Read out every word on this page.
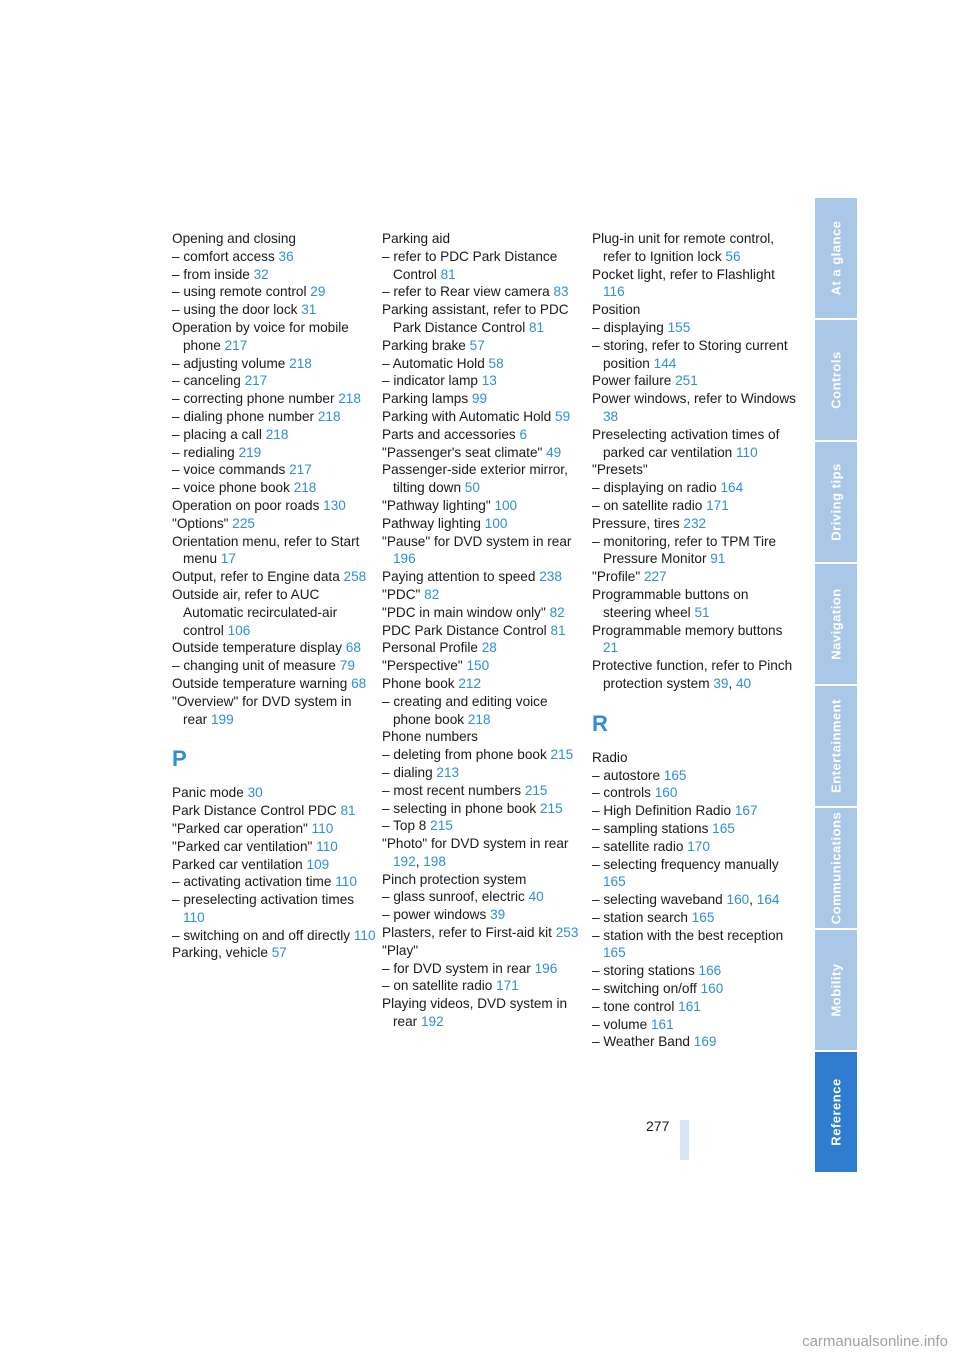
Opening and closing
– comfort access 36
– from inside 32
– using remote control 29
– using the door lock 31
Operation by voice for mobile phone 217
– adjusting volume 218
– canceling 217
– correcting phone number 218
– dialing phone number 218
– placing a call 218
– redialing 219
– voice commands 217
– voice phone book 218
Operation on poor roads 130
"Options" 225
Orientation menu, refer to Start menu 17
Output, refer to Engine data 258
Outside air, refer to AUC Automatic recirculated-air control 106
Outside temperature display 68
– changing unit of measure 79
Outside temperature warning 68
"Overview" for DVD system in rear 199
P
Panic mode 30
Park Distance Control PDC 81
"Parked car operation" 110
"Parked car ventilation" 110
Parked car ventilation 109
– activating activation time 110
– preselecting activation times 110
– switching on and off directly 110
Parking, vehicle 57
Parking aid
– refer to PDC Park Distance Control 81
– refer to Rear view camera 83
Parking assistant, refer to PDC Park Distance Control 81
Parking brake 57
– Automatic Hold 58
– indicator lamp 13
Parking lamps 99
Parking with Automatic Hold 59
Parts and accessories 6
"Passenger's seat climate" 49
Passenger-side exterior mirror, tilting down 50
"Pathway lighting" 100
Pathway lighting 100
"Pause" for DVD system in rear 196
Paying attention to speed 238
"PDC" 82
"PDC in main window only" 82
PDC Park Distance Control 81
Personal Profile 28
"Perspective" 150
Phone book 212
– creating and editing voice phone book 218
Phone numbers
– deleting from phone book 215
– dialing 213
– most recent numbers 215
– selecting in phone book 215
– Top 8 215
"Photo" for DVD system in rear 192, 198
Pinch protection system
– glass sunroof, electric 40
– power windows 39
Plasters, refer to First-aid kit 253
"Play"
– for DVD system in rear 196
– on satellite radio 171
Playing videos, DVD system in rear 192
Plug-in unit for remote control, refer to Ignition lock 56
Pocket light, refer to Flashlight 116
Position
– displaying 155
– storing, refer to Storing current position 144
Power failure 251
Power windows, refer to Windows 38
Preselecting activation times of parked car ventilation 110
"Presets"
– displaying on radio 164
– on satellite radio 171
Pressure, tires 232
– monitoring, refer to TPM Tire Pressure Monitor 91
"Profile" 227
Programmable buttons on steering wheel 51
Programmable memory buttons 21
Protective function, refer to Pinch protection system 39, 40
R
Radio
– autostore 165
– controls 160
– High Definition Radio 167
– sampling stations 165
– satellite radio 170
– selecting frequency manually 165
– selecting waveband 160, 164
– station search 165
– station with the best reception 165
– storing stations 166
– switching on/off 160
– tone control 161
– volume 161
– Weather Band 169
277
At a glance
Controls
Driving tips
Navigation
Entertainment
Communications
Mobility
Reference
carmanualsonline.info
